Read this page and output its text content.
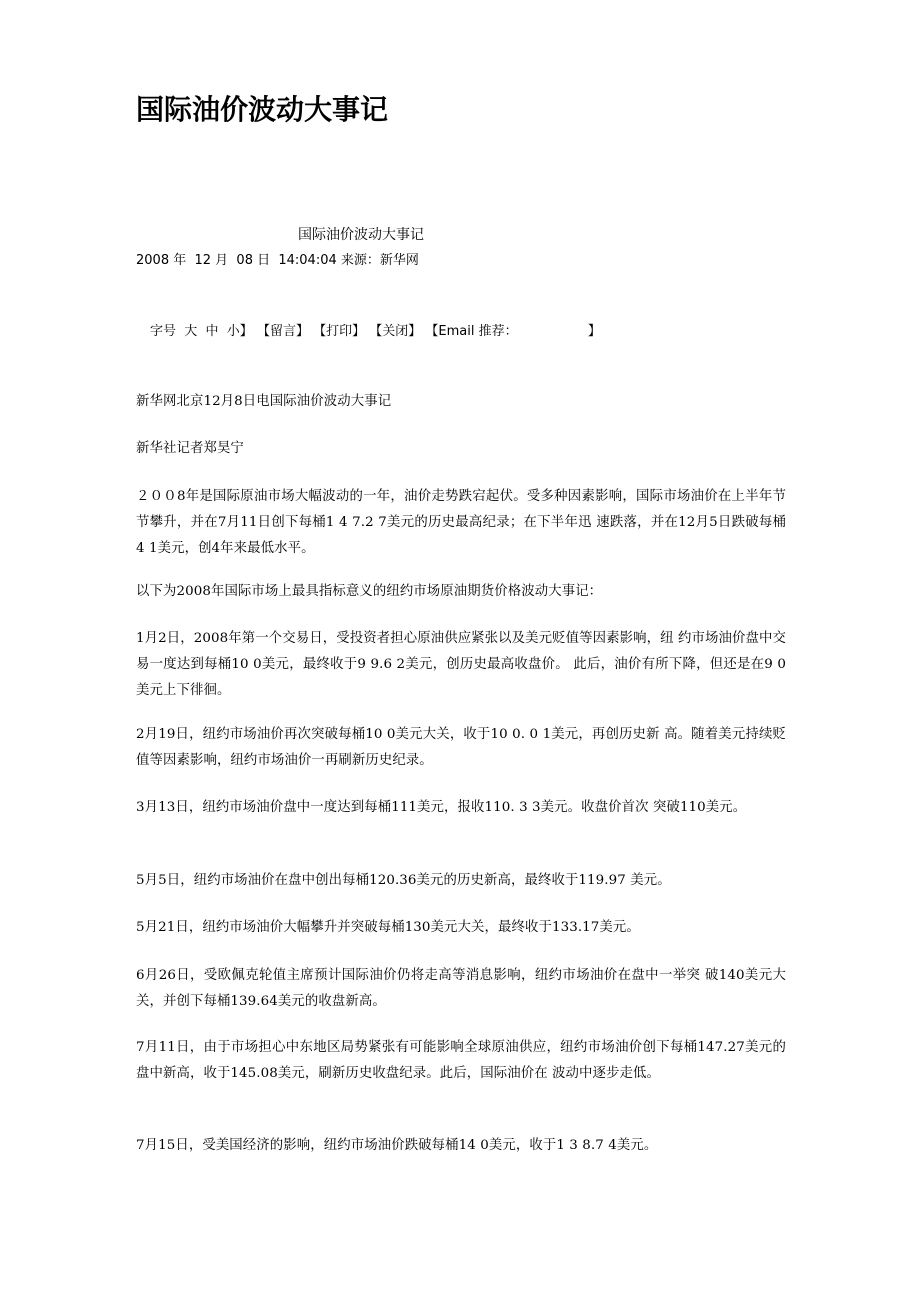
国际油价波动大事记
国际油价波动大事记
2008 年  12 月  08 日  14:04:04 来源：新华网
字号  大  中  小】 【留言】 【打印】 【关闭】 【Email 推荐：                 】

新华网北京12月8日电国际油价波动大事记

新华社记者郑昊宁

２００8年是国际原油市场大幅波动的一年，油价走势跌宕起伏。受多种因素影响，国际市场油价在上半年节节攀升，并在7月11日创下每桶1 4 7.2 7美元的历史最高纪录；在下半年迅 速跌落，并在12月5日跌破每桶4 1美元，创4年来最低水平。

以下为2008年国际市场上最具指标意义的纽约市场原油期货价格波动大事记：

1月2日，2008年第一个交易日，受投资者担心原油供应紧张以及美元贬值等因素影响，纽 约市场油价盘中交易一度达到每桶10 0美元，最终收于9 9.6 2美元，创历史最高收盘价。 此后，油价有所下降，但还是在9 0美元上下徘徊。

2月19日，纽约市场油价再次突破每桶10 0美元大关，收于10 0. 0 1美元，再创历史新 高。随着美元持续贬值等因素影响，纽约市场油价一再刷新历史纪录。

3月13日，纽约市场油价盘中一度达到每桶111美元，报收110. 3 3美元。收盘价首次 突破110美元。

5月5日，纽约市场油价在盘中创出每桶120.36美元的历史新高，最终收于119.97 美元。

5月21日，纽约市场油价大幅攀升并突破每桶130美元大关，最终收于133.17美元。

6月26日，受欧佩克轮值主席预计国际油价仍将走高等消息影响，纽约市场油价在盘中一举突 破140美元大关，并创下每桶139.64美元的收盘新高。

7月11日，由于市场担心中东地区局势紧张有可能影响全球原油供应，纽约市场油价创下每桶147.27美元的盘中新高，收于145.08美元，刷新历史收盘纪录。此后，国际油价在 波动中逐步走低。

7月15日，受美国经济的影响，纽约市场油价跌破每桶14 0美元，收于1 3 8.7 4美元。
